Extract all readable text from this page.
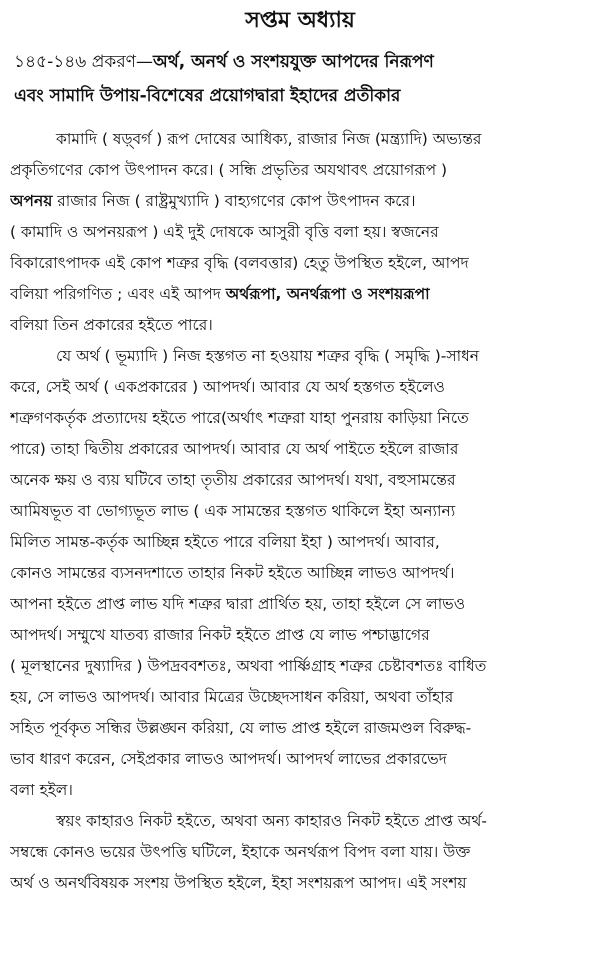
সপ্তম অধ্যায়
১৪৫-১৪৬ প্রকরণ—অর্থ, অনর্থ ও সংশয়যুক্ত আপদের নিরূপণ
এবং সামাদি উপায়-বিশেষের প্রয়োগদ্বারা ইহাদের প্রতীকার
কামাদি ( ষড়্‌বর্গ ) রূপ দোষের আধিক্য, রাজার নিজ (মন্ত্র্যাদি) অভ্যন্তর
প্রকৃতিগণের কোপ উৎপাদন করে। ( সন্ধি প্রভৃতির অযথাবৎ প্রয়োগরূপ )
অপনয় রাজার নিজ ( রাষ্ট্রমুখ্যাদি ) বাহ্যগণের কোপ উৎপাদন করে।
( কামাদি ও অপনয়রূপ ) এই দুই দোষকে আসুরী বৃত্তি বলা হয়। স্বজনের
বিকারোৎপাদক এই কোপ শত্রুর বৃদ্ধি (বলবত্তার) হেতু উপস্থিত হইলে, আপদ
বলিয়া পরিগণিত ; এবং এই আপদ অর্থরূপা, অনর্থরূপা ও সংশয়রূপা
বলিয়া তিন প্রকারের হইতে পারে।
যে অর্থ ( ভূম্যাদি ) নিজ হস্তগত না হওয়ায় শত্রুর বৃদ্ধি ( সমৃদ্ধি )-সাধন
করে, সেই অর্থ ( একপ্রকারের ) আপদর্থ। আবার যে অর্থ হস্তগত হইলেও
শত্রুগণকর্তৃক প্রত্যাদেয় হইতে পারে(অর্থাৎ শত্রুরা যাহা পুনরায় কাড়িয়া নিতে
পারে) তাহা দ্বিতীয় প্রকারের আপদর্থ। আবার যে অর্থ পাইতে হইলে রাজার
অনেক ক্ষয় ও ব্যয় ঘটিবে তাহা তৃতীয় প্রকারের আপদর্থ। যথা, বহুসামন্তের
আমিষভূত বা ভোগ্যভূত লাভ ( এক সামন্তের হস্তগত থাকিলে ইহা অন্যান্য
মিলিত সামন্ত-কর্তৃক আচ্ছিন্ন হইতে পারে বলিয়া ইহা ) আপদর্থ। আবার,
কোনও সামন্তের ব্যসনদশাতে তাহার নিকট হইতে আচ্ছিন্ন লাভও আপদর্থ।
আপনা হইতে প্রাপ্ত লাভ যদি শত্রুর দ্বারা প্রার্থিত হয়, তাহা হইলে সে লাভও
আপদর্থ। সম্মুখে যাতব্য রাজার নিকট হইতে প্রাপ্ত যে লাভ পশ্চাদ্ভাগের
( মূলস্থানের দুষ্যাদির ) উপদ্রববশতঃ, অথবা পার্ষ্ণিগ্রাহ শত্রুর চেষ্টাবশতঃ বাধিত
হয়, সে লাভও আপদর্থ। আবার মিত্রের উচ্ছেদসাধন করিয়া, অথবা তাঁহার
সহিত পূর্বকৃত সন্ধির উল্লঙ্ঘন করিয়া, যে লাভ প্রাপ্ত হইলে রাজমণ্ডল বিরুদ্ধ-
ভাব ধারণ করেন, সেইপ্রকার লাভও আপদর্থ। আপদর্থ লাভের প্রকারভেদ
বলা হইল।
স্বয়ং কাহারও নিকট হইতে, অথবা অন্য কাহারও নিকট হইতে প্রাপ্ত অর্থ-
সম্বন্ধে কোনও ভয়ের উৎপত্তি ঘটিলে, ইহাকে অনর্থরূপ বিপদ বলা যায়। উক্ত
অর্থ ও অনর্থবিষয়ক সংশয় উপস্থিত হইলে, ইহা সংশয়রূপ আপদ। এই সংশয়
